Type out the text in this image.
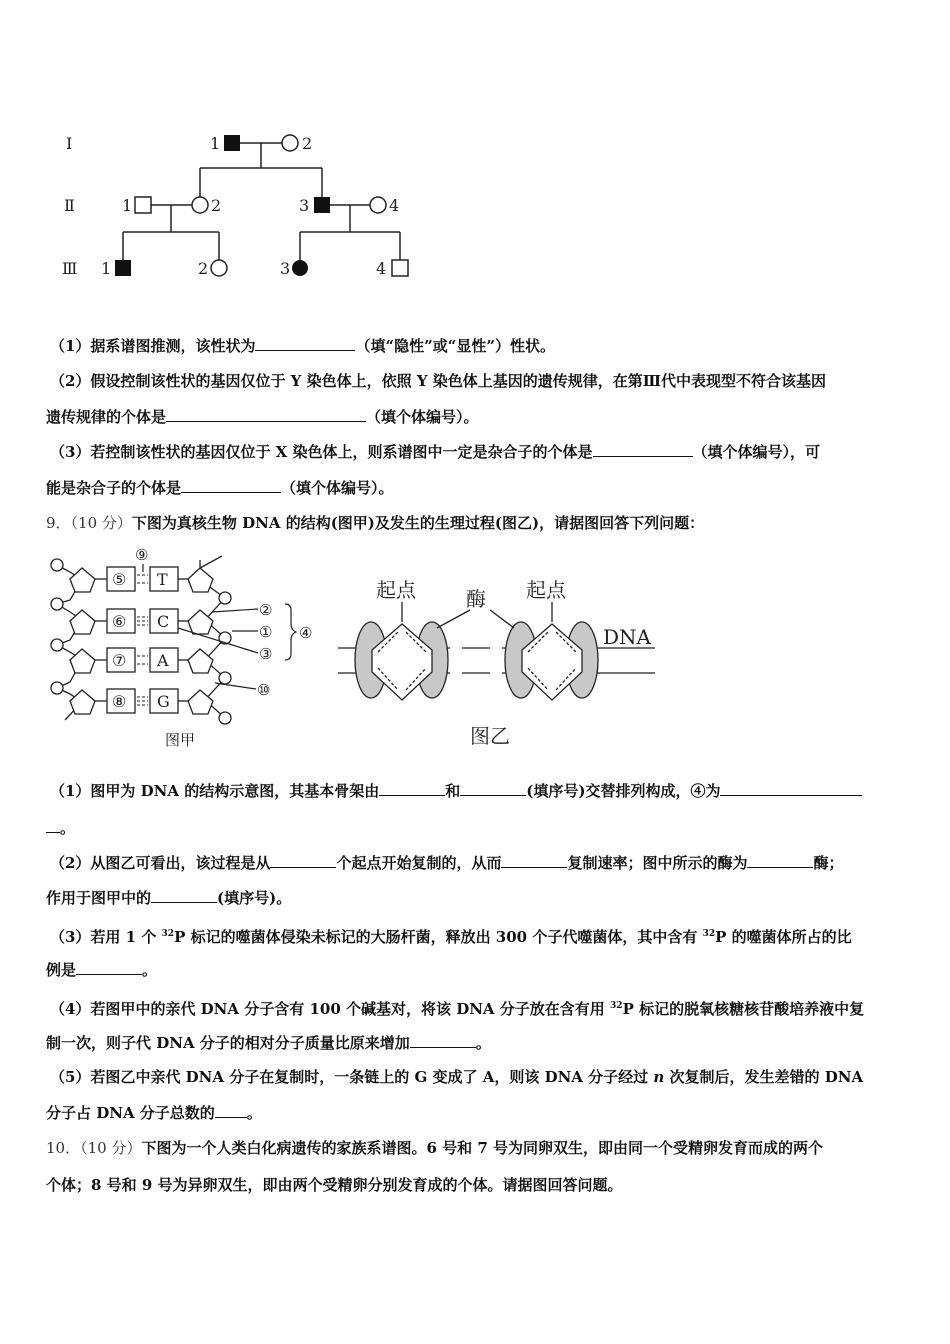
Ⅰ
Ⅱ
Ⅲ
1	2
1	2	3	4
1	2	3	4
（1）据系谱图推测，该性状为	（填“隐性”或“显性”）性状。
（2）假设控制该性状的基因仅位于 Y 染色体上，依照 Y 染色体上基因的遗传规律，在第Ⅲ代中表现型不符合该基因
遗传规律的个体是	（填个体编号）。
（3）若控制该性状的基因仅位于 X 染色体上，则系谱图中一定是杂合子的个体是	（填个体编号），可
能是杂合子的个体是	（填个体编号）。
9．（10 分）下图为真核生物 DNA 的结构(图甲)及发生的生理过程(图乙)，请据图回答下列问题：
⑤ T
⑥ C
⑦ A
⑧ G
⑨
②
①
③
④
⑩
图甲
起点	酶 起点
DNA
图乙
（1）图甲为 DNA 的结构示意图，其基本骨架由	和	(填序号)交替排列构成，④为
。
（2）从图乙可看出，该过程是从	个起点开始复制的，从而	复制速率；图中所示的酶为	酶；
作用于图甲中的	(填序号)。
（3）若用 1 个 $^{32}$P 标记的噬菌体侵染未标记的大肠杆菌，释放出 300 个子代噬菌体，其中含有 $^{32}$P 的噬菌体所占的比
例是	。
（4）若图甲中的亲代 DNA 分子含有 100 个碱基对，将该 DNA 分子放在含有用 $^{32}$P 标记的脱氧核糖核苷酸培养液中复
制一次，则子代 DNA 分子的相对分子质量比原来增加	。
（5）若图乙中亲代 DNA 分子在复制时，一条链上的 G 变成了 A，则该 DNA 分子经过 n 次复制后，发生差错的 DNA
分子占 DNA 分子总数的 。
10．（10 分）下图为一个人类白化病遗传的家族系谱图。6 号和 7 号为同卵双生，即由同一个受精卵发育而成的两个
个体；8 号和 9 号为异卵双生，即由两个受精卵分别发育成的个体。请据图回答问题。
